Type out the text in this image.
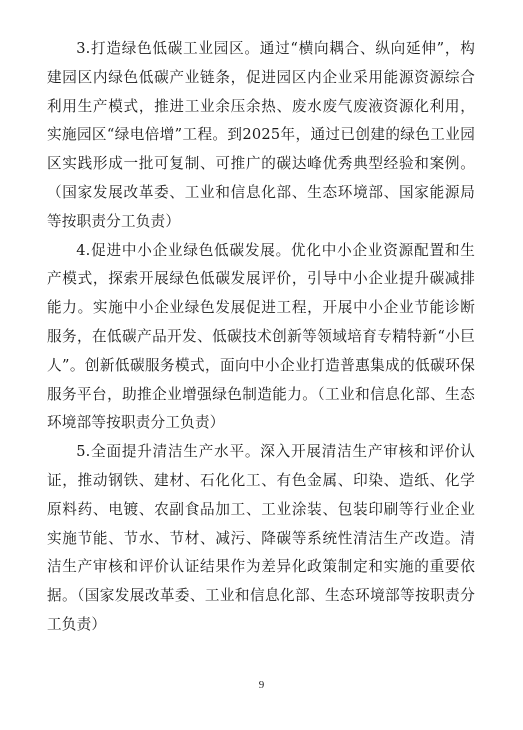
3.打造绿色低碳工业园区。通过“横向耦合、纵向延伸”，构建园区内绿色低碳产业链条，促进园区内企业采用能源资源综合利用生产模式，推进工业余压余热、废水废气废液资源化利用，实施园区“绿电倍增”工程。到2025年，通过已创建的绿色工业园区实践形成一批可复制、可推广的碳达峰优秀典型经验和案例。（国家发展改革委、工业和信息化部、生态环境部、国家能源局等按职责分工负责）

4.促进中小企业绿色低碳发展。优化中小企业资源配置和生产模式，探索开展绿色低碳发展评价，引导中小企业提升碳减排能力。实施中小企业绿色发展促进工程，开展中小企业节能诊断服务，在低碳产品开发、低碳技术创新等领域培育专精特新“小巨人”。创新低碳服务模式，面向中小企业打造普惠集成的低碳环保服务平台，助推企业增强绿色制造能力。（工业和信息化部、生态环境部等按职责分工负责）

5.全面提升清洁生产水平。深入开展清洁生产审核和评价认证，推动钢铁、建材、石化化工、有色金属、印染、造纸、化学原料药、电镀、农副食品加工、工业涂装、包装印刷等行业企业实施节能、节水、节材、减污、降碳等系统性清洁生产改造。清洁生产审核和评价认证结果作为差异化政策制定和实施的重要依据。（国家发展改革委、工业和信息化部、生态环境部等按职责分工负责）

9
